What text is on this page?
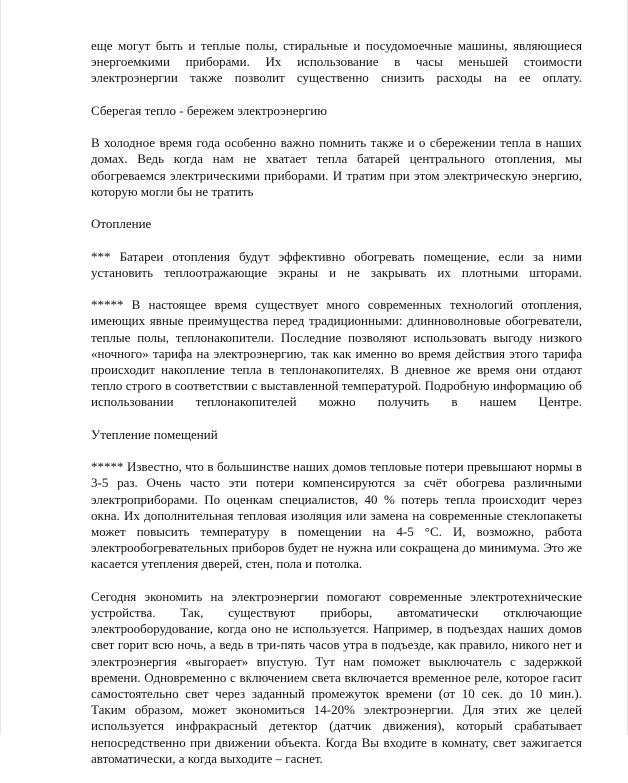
еще могут быть и теплые полы, стиральные и посудомоечные машины, являющиеся энергоемкими приборами. Их использование в часы меньшей стоимости электроэнергии также позволит существенно снизить расходы на ее оплату.

Сберегая тепло - бережем электроэнергию

В холодное время года особенно важно помнить также и о сбережении тепла в наших домах. Ведь когда нам не хватает тепла батарей центрального отопления, мы обогреваемся электрическими приборами. И тратим при этом электрическую энергию, которую могли бы не тратить

Отопление

*** Батареи отопления будут эффективно обогревать помещение, если за ними установить теплоотражающие экраны и не закрывать их плотными шторами.

***** В настоящее время существует много современных технологий отопления, имеющих явные преимущества перед традиционными: длинноволновые обогреватели, теплые полы, теплонакопители. Последние позволяют использовать выгоду низкого «ночного» тарифа на электроэнергию, так как именно во время действия этого тарифа происходит накопление тепла в теплонакопителях. В дневное же время они отдают тепло строго в соответствии с выставленной температурой. Подробную информацию об использовании теплонакопителей можно получить в нашем Центре.

Утепление помещений

***** Известно, что в большинстве наших домов тепловые потери превышают нормы в 3-5 раз. Очень часто эти потери компенсируются за счёт обогрева различными электроприборами. По оценкам специалистов, 40 % потерь тепла происходит через окна. Их дополнительная тепловая изоляция или замена на современные стеклопакеты может повысить температуру в помещении на 4-5 °С. И, возможно, работа электрообогревательных приборов будет не нужна или сокращена до минимума. Это же касается утепления дверей, стен, пола и потолка.

Сегодня экономить на электроэнергии помогают современные электротехнические устройства. Так, существуют приборы, автоматически отключающие электрооборудование, когда оно не используется. Например, в подъездах наших домов свет горит всю ночь, а ведь в три-пять часов утра в подъезде, как правило, никого нет и электроэнергия «выгорает» впустую. Тут нам поможет выключатель с задержкой времени. Одновременно с включением света включается временное реле, которое гасит самостоятельно свет через заданный промежуток времени (от 10 сек. до 10 мин.). Таким образом, может экономиться 14-20% электроэнергии. Для этих же целей используется инфракрасный детектор (датчик движения), который срабатывает непосредственно при движении объекта. Когда Вы входите в комнату, свет зажигается автоматически, а когда выходите – гаснет.
